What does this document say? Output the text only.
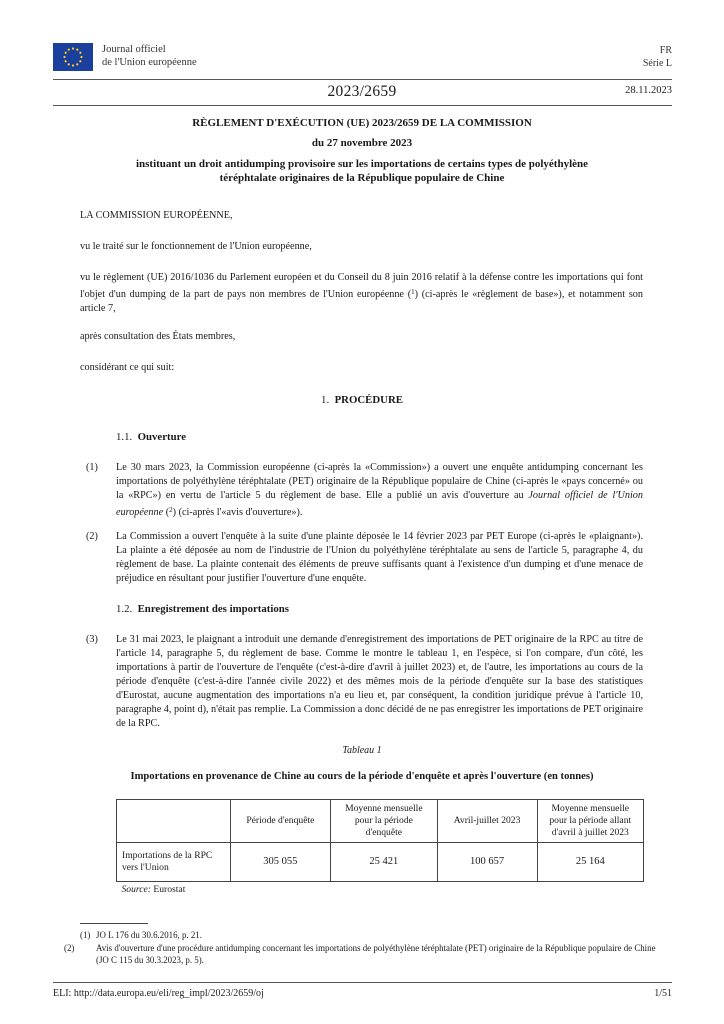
Journal officiel
de l'Union européenne
FR
Série L
2023/2659	28.11.2023
RÈGLEMENT D'EXÉCUTION (UE) 2023/2659 DE LA COMMISSION
du 27 novembre 2023
instituant un droit antidumping provisoire sur les importations de certains types de polyéthylène
téréphtalate originaires de la République populaire de Chine
LA COMMISSION EUROPÉENNE,
vu le traité sur le fonctionnement de l'Union européenne,
vu le règlement (UE) 2016/1036 du Parlement européen et du Conseil du 8 juin 2016 relatif à la défense contre les importations qui font l'objet d'un dumping de la part de pays non membres de l'Union européenne ($^1$) (ci-après le «règlement de base»), et notamment son article 7,
après consultation des États membres,
considérant ce qui suit:
1. PROCÉDURE
1.1. Ouverture
(1) Le 30 mars 2023, la Commission européenne (ci-après la «Commission») a ouvert une enquête antidumping concernant les importations de polyéthylène téréphtalate (PET) originaire de la République populaire de Chine (ci-après le «pays concerné» ou la «RPC») en vertu de l'article 5 du règlement de base. Elle a publié un avis d'ouverture au Journal officiel de l'Union européenne ($^2$) (ci-après l'«avis d'ouverture»).
(2) La Commission a ouvert l'enquête à la suite d'une plainte déposée le 14 février 2023 par PET Europe (ci-après le «plaignant»). La plainte a été déposée au nom de l'industrie de l'Union du polyéthylène téréphtalate au sens de l'article 5, paragraphe 4, du règlement de base. La plainte contenait des éléments de preuve suffisants quant à l'existence d'un dumping et d'une menace de préjudice en résultant pour justifier l'ouverture d'une enquête.
1.2. Enregistrement des importations
(3) Le 31 mai 2023, le plaignant a introduit une demande d'enregistrement des importations de PET originaire de la RPC au titre de l'article 14, paragraphe 5, du règlement de base. Comme le montre le tableau 1, en l'espèce, si l'on compare, d'un côté, les importations à partir de l'ouverture de l'enquête (c'est-à-dire d'avril à juillet 2023) et, de l'autre, les importations au cours de la période d'enquête (c'est-à-dire l'année civile 2022) et des mêmes mois de la période d'enquête sur la base des statistiques d'Eurostat, aucune augmentation des importations n'a eu lieu et, par conséquent, la condition juridique prévue à l'article 10, paragraphe 4, point d), n'était pas remplie. La Commission a donc décidé de ne pas enregistrer les importations de PET originaire de la RPC.
Tableau 1
Importations en provenance de Chine au cours de la période d'enquête et après l'ouverture (en tonnes)
	Période d'enquête	Moyenne mensuelle pour la période d'enquête	Avril-juillet 2023	Moyenne mensuelle pour la période allant d'avril à juillet 2023
Importations de la RPC vers l'Union	305 055	25 421	100 657	25 164
Source: Eurostat				
(1) JO L 176 du 30.6.2016, p. 21.
(2) Avis d'ouverture d'une procédure antidumping concernant les importations de polyéthylène téréphtalate (PET) originaire de la République populaire de Chine (JO C 115 du 30.3.2023, p. 5).
ELI: http://data.europa.eu/eli/reg_impl/2023/2659/oj	1/51
